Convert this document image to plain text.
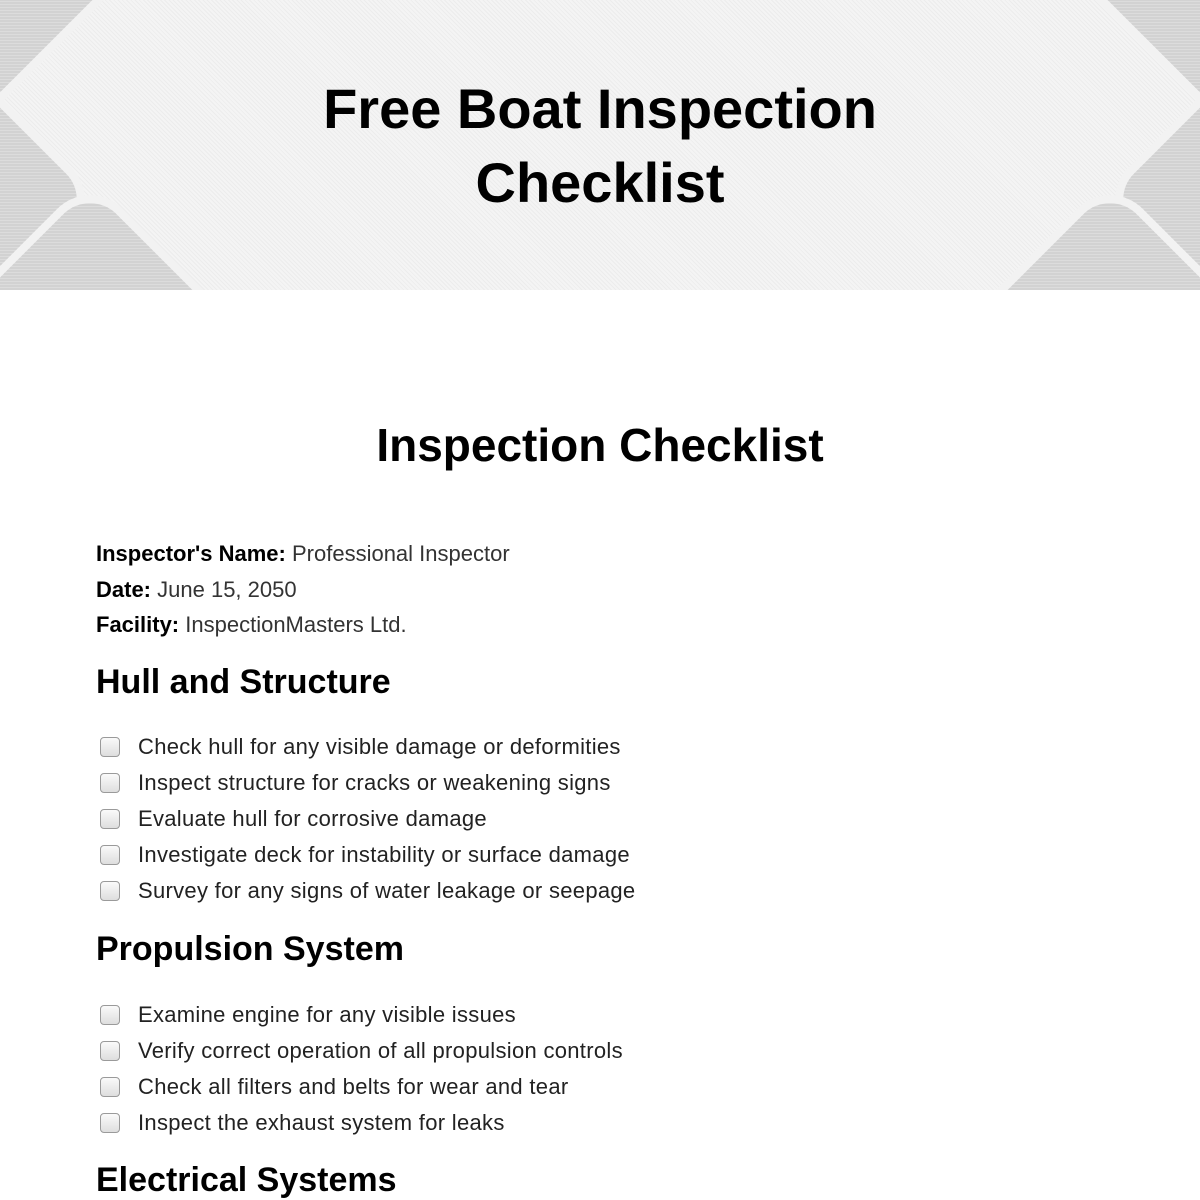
Free Boat Inspection
Checklist
Inspection Checklist
Inspector's Name: Professional Inspector
Date: June 15, 2050
Facility: InspectionMasters Ltd.
Hull and Structure
Check hull for any visible damage or deformities
Inspect structure for cracks or weakening signs
Evaluate hull for corrosive damage
Investigate deck for instability or surface damage
Survey for any signs of water leakage or seepage
Propulsion System
Examine engine for any visible issues
Verify correct operation of all propulsion controls
Check all filters and belts for wear and tear
Inspect the exhaust system for leaks
Electrical Systems
